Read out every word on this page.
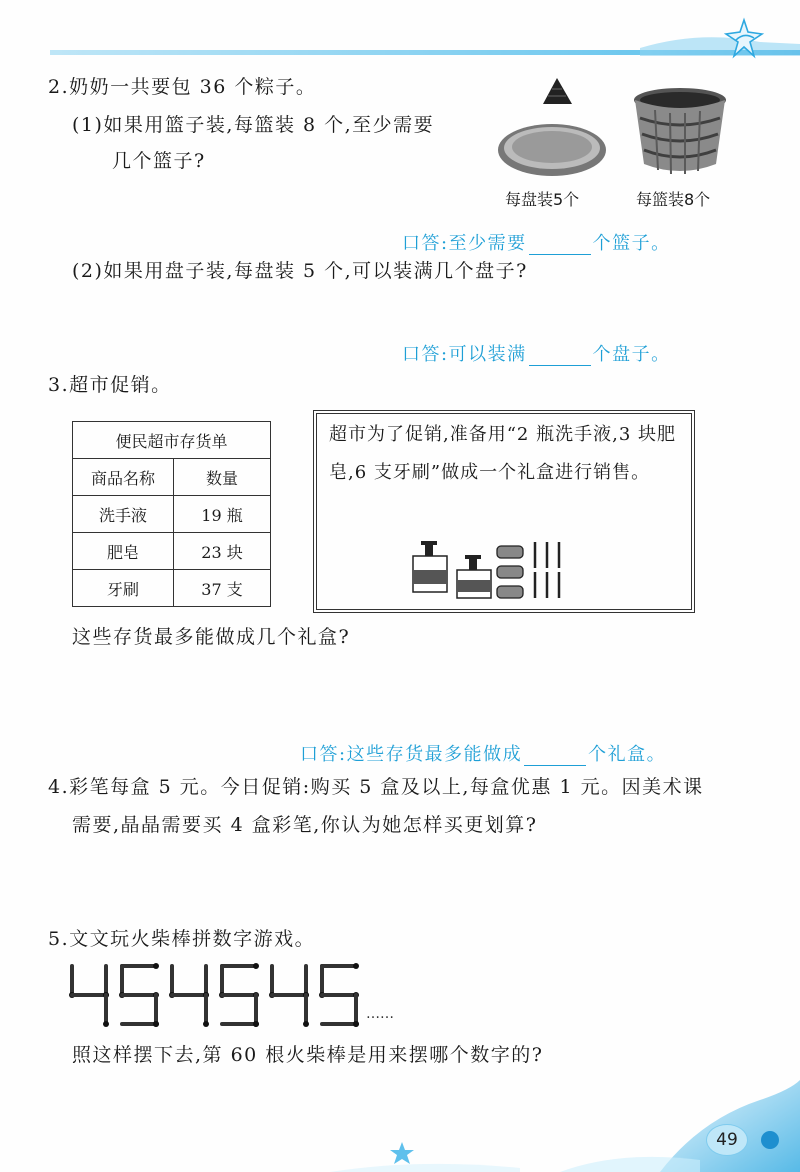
2.奶奶一共要包 36 个粽子。
(1)如果用篮子装,每篮装 8 个,至少需要
几个篮子?
每盘装5个	每篮装8个
口答:至少需要	个篮子。
(2)如果用盘子装,每盘装 5 个,可以装满几个盘子?
口答:可以装满	个盘子。
3.超市促销。
便民超市存货单	
商品名称	数量
洗手液	19 瓶
肥皂	23 块
牙刷	37 支
超市为了促销,准备用“2 瓶洗手液,3 块肥皂,6 支牙刷”做成一个礼盒进行销售。
这些存货最多能做成几个礼盒?
口答:这些存货最多能做成	个礼盒。
4.彩笔每盒 5 元。今日促销:购买 5 盒及以上,每盒优惠 1 元。因美术课
需要,晶晶需要买 4 盒彩笔,你认为她怎样买更划算?
5.文文玩火柴棒拼数字游戏。
……
照这样摆下去,第 60 根火柴棒是用来摆哪个数字的?
49
